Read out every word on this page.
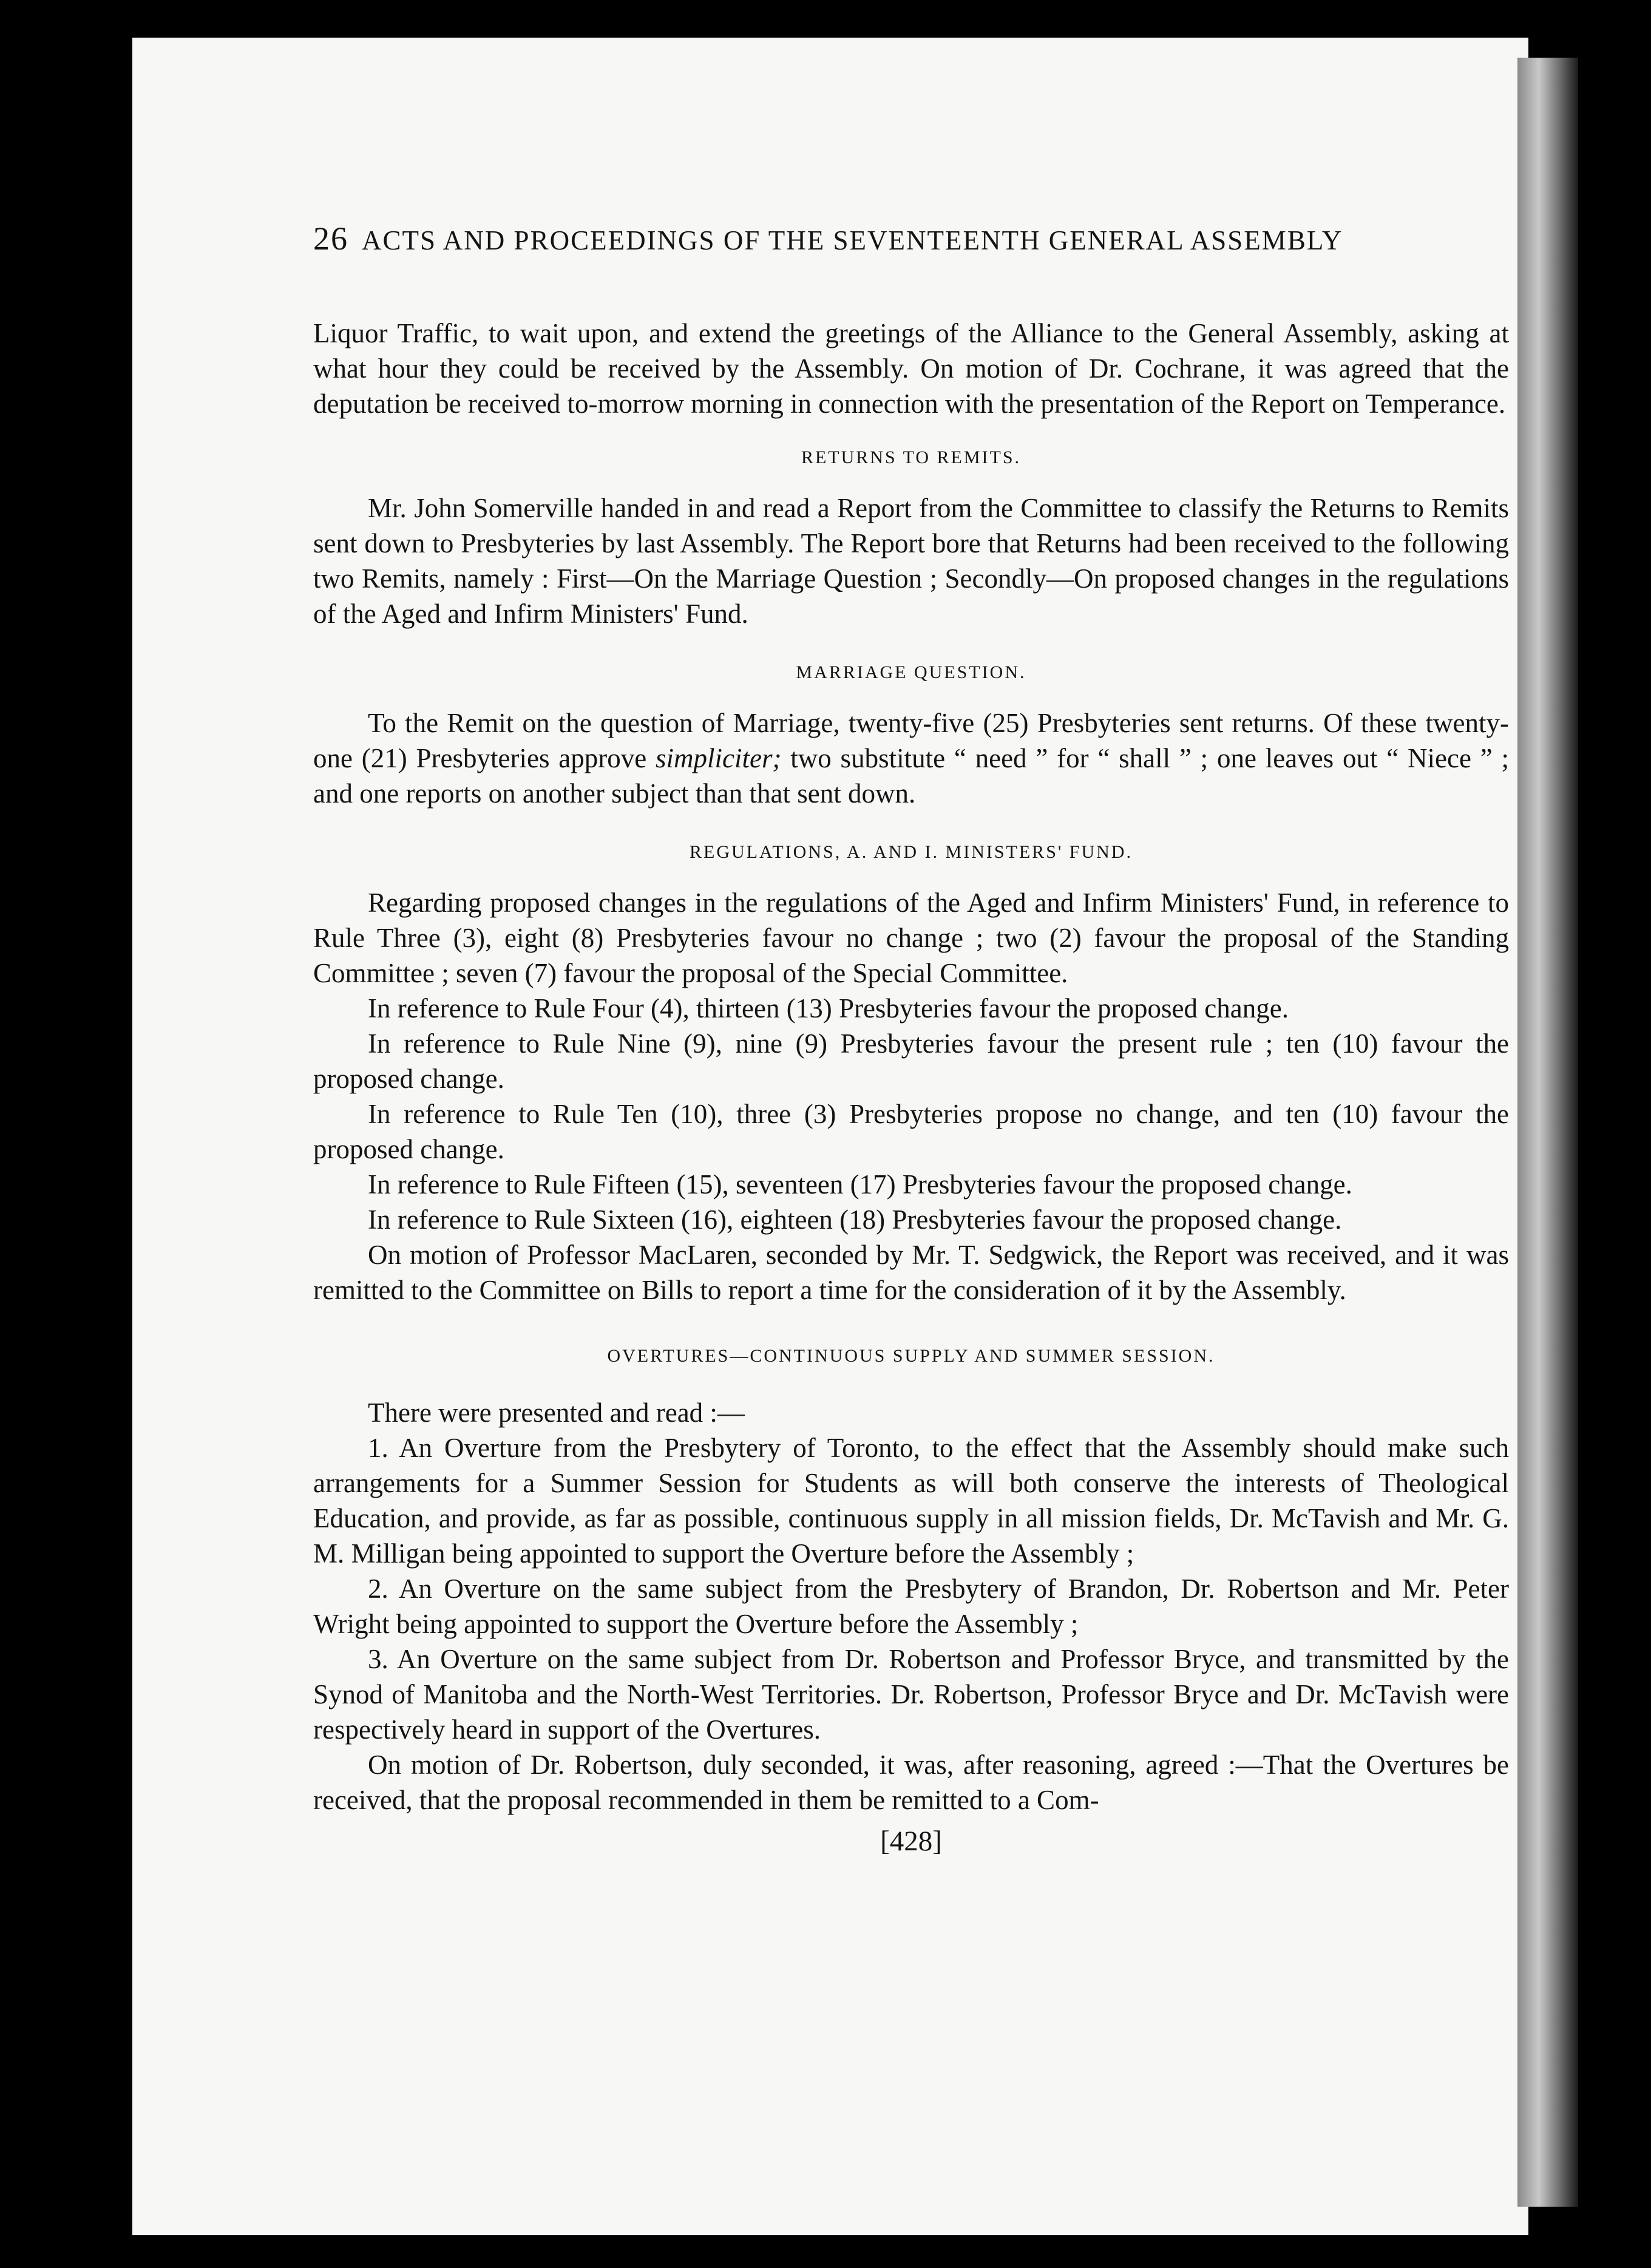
26 ACTS AND PROCEEDINGS OF THE SEVENTEENTH GENERAL ASSEMBLY

Liquor Traffic, to wait upon, and extend the greetings of the Alliance to the General Assembly, asking at what hour they could be received by the Assembly. On motion of Dr. Cochrane, it was agreed that the deputation be received to-morrow morning in connection with the presentation of the Report on Temperance.

RETURNS TO REMITS.

Mr. John Somerville handed in and read a Report from the Committee to classify the Returns to Remits sent down to Presbyteries by last Assembly. The Report bore that Returns had been received to the following two Remits, namely : First—On the Marriage Question ; Secondly—On proposed changes in the regulations of the Aged and Infirm Ministers' Fund.

MARRIAGE QUESTION.

To the Remit on the question of Marriage, twenty-five (25) Presbyteries sent returns. Of these twenty-one (21) Presbyteries approve simpliciter; two substitute “ need ” for “ shall ” ; one leaves out “ Niece ” ; and one reports on another subject than that sent down.

REGULATIONS, A. AND I. MINISTERS' FUND.

Regarding proposed changes in the regulations of the Aged and Infirm Ministers' Fund, in reference to Rule Three (3), eight (8) Presbyteries favour no change ; two (2) favour the proposal of the Standing Committee ; seven (7) favour the proposal of the Special Committee.

In reference to Rule Four (4), thirteen (13) Presbyteries favour the proposed change.

In reference to Rule Nine (9), nine (9) Presbyteries favour the present rule ; ten (10) favour the proposed change.

In reference to Rule Ten (10), three (3) Presbyteries propose no change, and ten (10) favour the proposed change.

In reference to Rule Fifteen (15), seventeen (17) Presbyteries favour the proposed change.

In reference to Rule Sixteen (16), eighteen (18) Presbyteries favour the proposed change.

On motion of Professor MacLaren, seconded by Mr. T. Sedgwick, the Report was received, and it was remitted to the Committee on Bills to report a time for the consideration of it by the Assembly.

OVERTURES—CONTINUOUS SUPPLY AND SUMMER SESSION.

There were presented and read :—

1. An Overture from the Presbytery of Toronto, to the effect that the Assembly should make such arrangements for a Summer Session for Students as will both conserve the interests of Theological Education, and provide, as far as possible, continuous supply in all mission fields, Dr. McTavish and Mr. G. M. Milligan being appointed to support the Overture before the Assembly ;

2. An Overture on the same subject from the Presbytery of Brandon, Dr. Robertson and Mr. Peter Wright being appointed to support the Overture before the Assembly ;

3. An Overture on the same subject from Dr. Robertson and Professor Bryce, and transmitted by the Synod of Manitoba and the North-West Territories. Dr. Robertson, Professor Bryce and Dr. McTavish were respectively heard in support of the Overtures.

On motion of Dr. Robertson, duly seconded, it was, after reasoning, agreed :—That the Overtures be received, that the proposal recommended in them be remitted to a Com-

[428]
